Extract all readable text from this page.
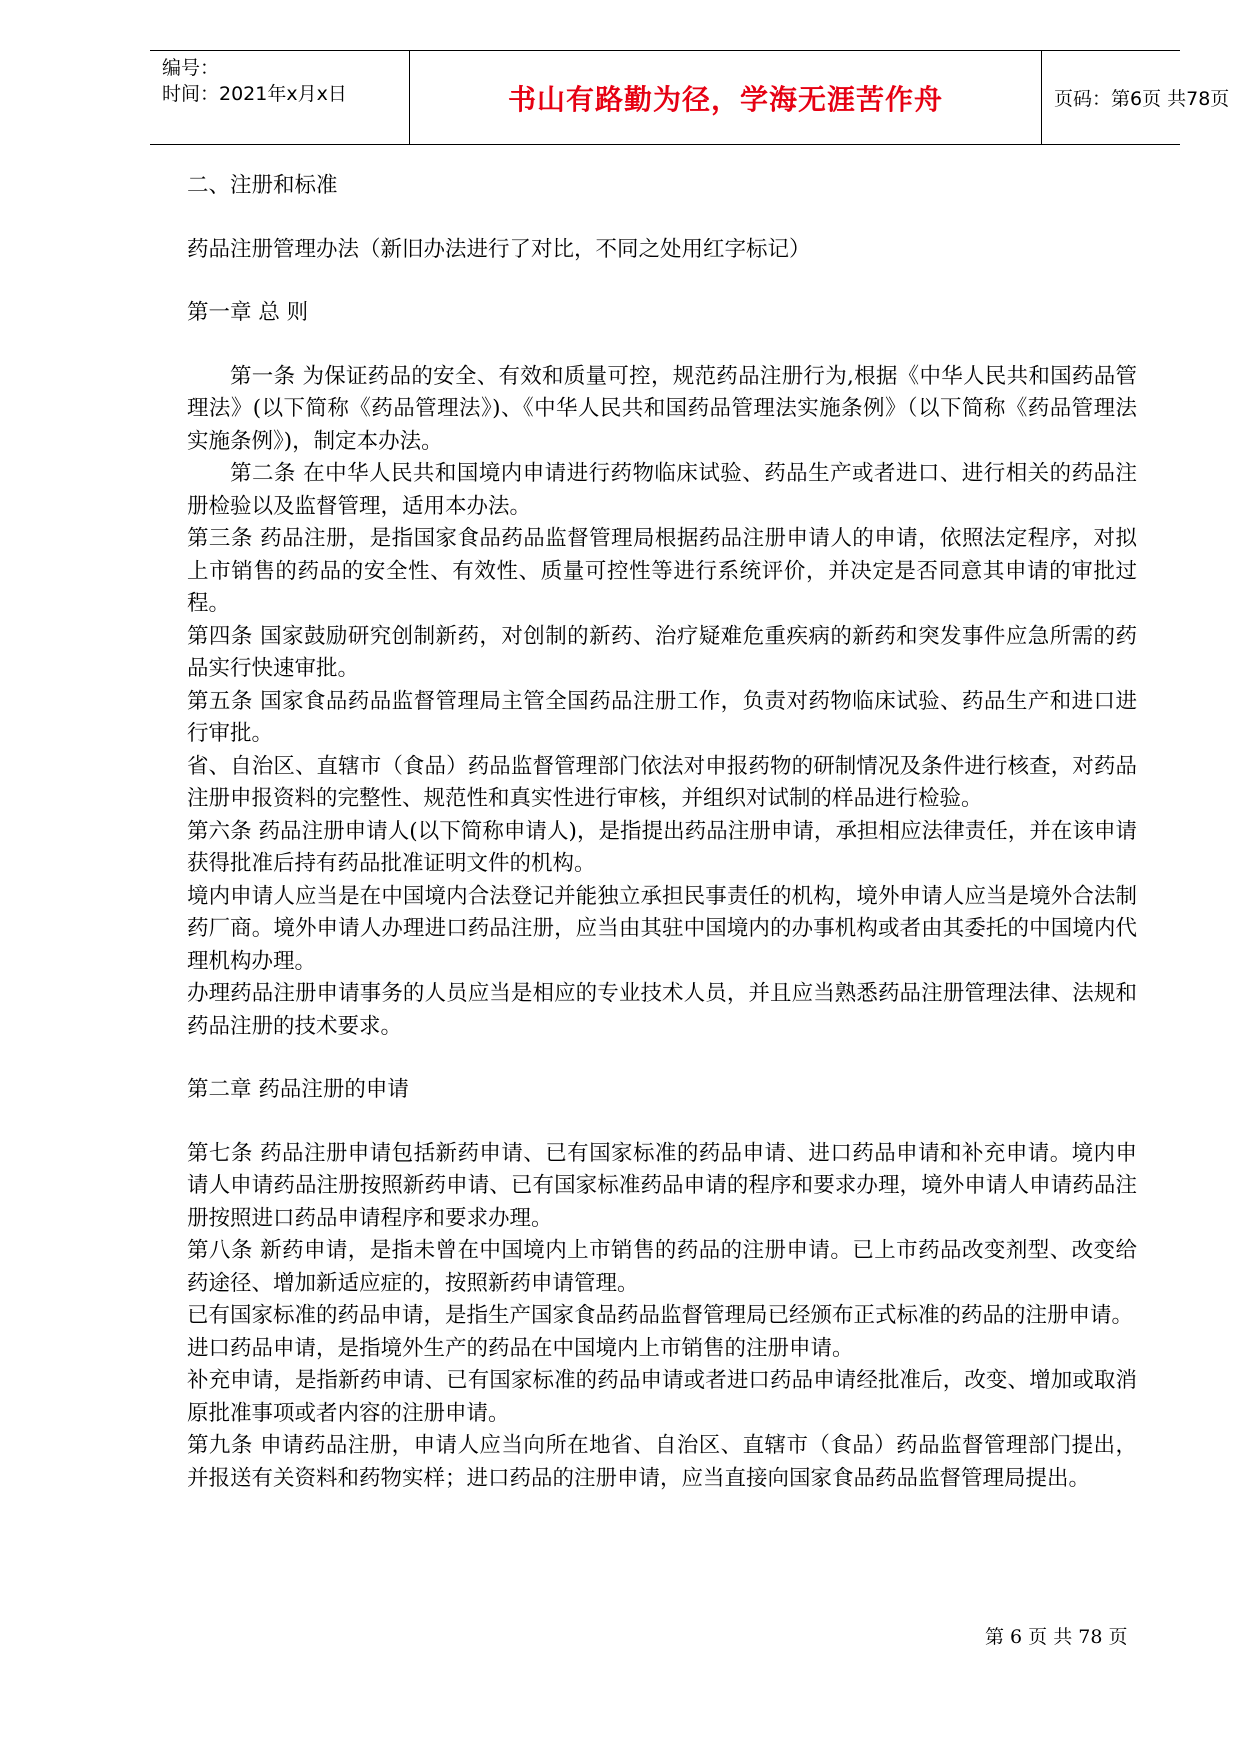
编号：
时间：2021年x月x日	书山有路勤为径，学海无涯苦作舟	页码：第6页 共78页

二、注册和标准

药品注册管理办法（新旧办法进行了对比，不同之处用红字标记）

第一章 总 则

第一条 为保证药品的安全、有效和质量可控，规范药品注册行为,根据《中华人民共和国药品管理法》(以下简称《药品管理法》)、《中华人民共和国药品管理法实施条例》（以下简称《药品管理法实施条例》)，制定本办法。

第二条 在中华人民共和国境内申请进行药物临床试验、药品生产或者进口、进行相关的药品注册检验以及监督管理，适用本办法。

第三条 药品注册，是指国家食品药品监督管理局根据药品注册申请人的申请，依照法定程序，对拟上市销售的药品的安全性、有效性、质量可控性等进行系统评价，并决定是否同意其申请的审批过程。

第四条 国家鼓励研究创制新药，对创制的新药、治疗疑难危重疾病的新药和突发事件应急所需的药品实行快速审批。

第五条 国家食品药品监督管理局主管全国药品注册工作，负责对药物临床试验、药品生产和进口进行审批。

省、自治区、直辖市（食品）药品监督管理部门依法对申报药物的研制情况及条件进行核查，对药品注册申报资料的完整性、规范性和真实性进行审核，并组织对试制的样品进行检验。

第六条 药品注册申请人(以下简称申请人)，是指提出药品注册申请，承担相应法律责任，并在该申请获得批准后持有药品批准证明文件的机构。

境内申请人应当是在中国境内合法登记并能独立承担民事责任的机构，境外申请人应当是境外合法制药厂商。境外申请人办理进口药品注册，应当由其驻中国境内的办事机构或者由其委托的中国境内代理机构办理。

办理药品注册申请事务的人员应当是相应的专业技术人员，并且应当熟悉药品注册管理法律、法规和药品注册的技术要求。

第二章 药品注册的申请

第七条 药品注册申请包括新药申请、已有国家标准的药品申请、进口药品申请和补充申请。境内申请人申请药品注册按照新药申请、已有国家标准药品申请的程序和要求办理，境外申请人申请药品注册按照进口药品申请程序和要求办理。

第八条 新药申请，是指未曾在中国境内上市销售的药品的注册申请。已上市药品改变剂型、改变给药途径、增加新适应症的，按照新药申请管理。

已有国家标准的药品申请，是指生产国家食品药品监督管理局已经颁布正式标准的药品的注册申请。

进口药品申请，是指境外生产的药品在中国境内上市销售的注册申请。

补充申请，是指新药申请、已有国家标准的药品申请或者进口药品申请经批准后，改变、增加或取消原批准事项或者内容的注册申请。

第九条 申请药品注册，申请人应当向所在地省、自治区、直辖市（食品）药品监督管理部门提出，并报送有关资料和药物实样；进口药品的注册申请，应当直接向国家食品药品监督管理局提出。

第 6 页 共 78 页
